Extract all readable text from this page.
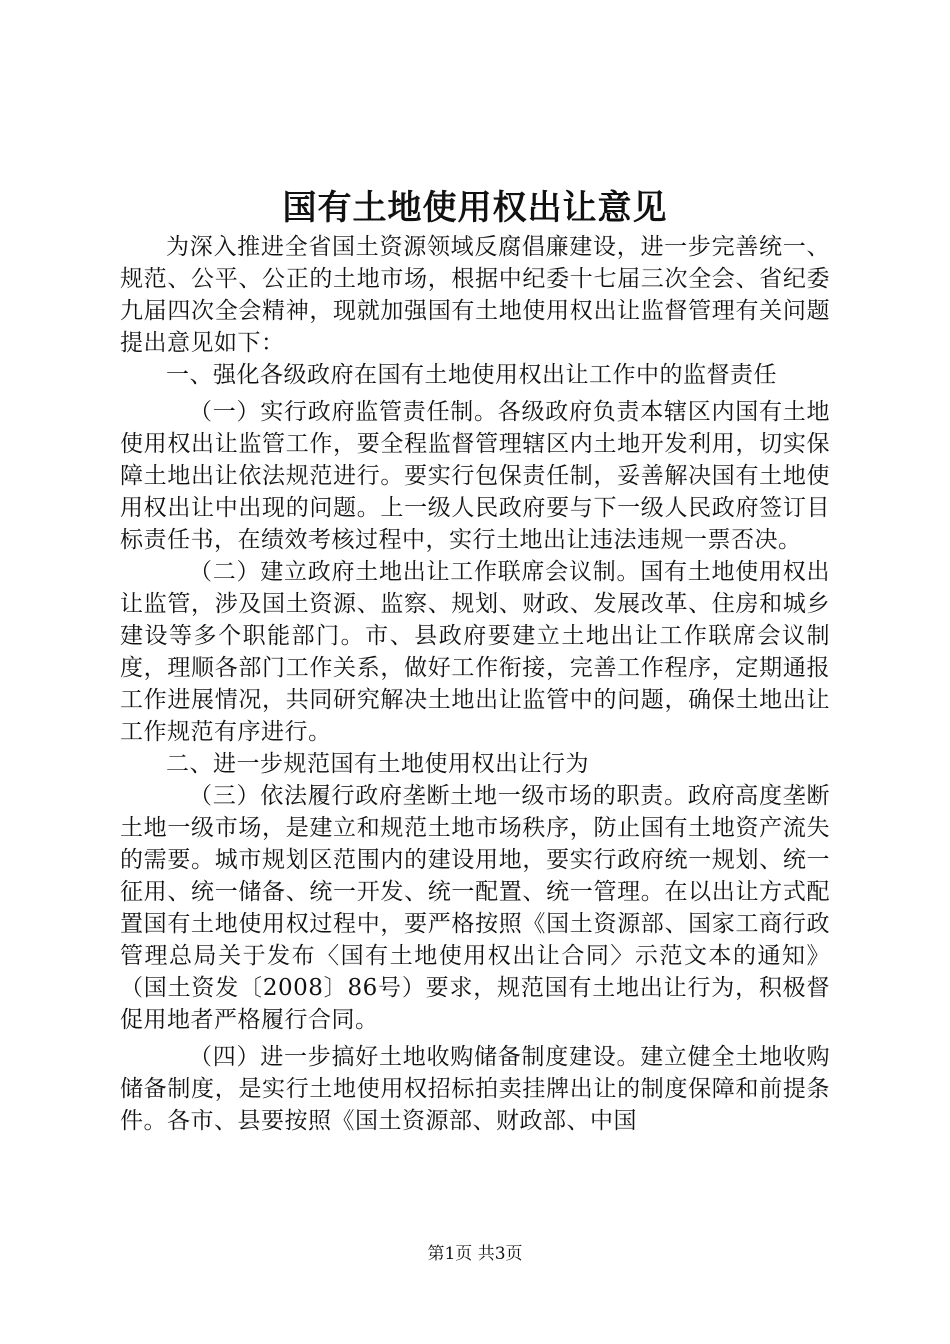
国有土地使用权出让意见

为深入推进全省国土资源领域反腐倡廉建设，进一步完善统一、规范、公平、公正的土地市场，根据中纪委十七届三次全会、省纪委九届四次全会精神，现就加强国有土地使用权出让监督管理有关问题提出意见如下：

一、强化各级政府在国有土地使用权出让工作中的监督责任

（一）实行政府监管责任制。各级政府负责本辖区内国有土地使用权出让监管工作，要全程监督管理辖区内土地开发利用，切实保障土地出让依法规范进行。要实行包保责任制，妥善解决国有土地使用权出让中出现的问题。上一级人民政府要与下一级人民政府签订目标责任书，在绩效考核过程中，实行土地出让违法违规一票否决。

（二）建立政府土地出让工作联席会议制。国有土地使用权出让监管，涉及国土资源、监察、规划、财政、发展改革、住房和城乡建设等多个职能部门。市、县政府要建立土地出让工作联席会议制度，理顺各部门工作关系，做好工作衔接，完善工作程序，定期通报工作进展情况，共同研究解决土地出让监管中的问题，确保土地出让工作规范有序进行。

二、进一步规范国有土地使用权出让行为

（三）依法履行政府垄断土地一级市场的职责。政府高度垄断土地一级市场，是建立和规范土地市场秩序，防止国有土地资产流失的需要。城市规划区范围内的建设用地，要实行政府统一规划、统一征用、统一储备、统一开发、统一配置、统一管理。在以出让方式配置国有土地使用权过程中，要严格按照《国土资源部、国家工商行政管理总局关于发布〈国有土地使用权出让合同〉示范文本的通知》（国土资发〔2008〕86号）要求，规范国有土地出让行为，积极督促用地者严格履行合同。

（四）进一步搞好土地收购储备制度建设。建立健全土地收购储备制度，是实行土地使用权招标拍卖挂牌出让的制度保障和前提条件。各市、县要按照《国土资源部、财政部、中国

第1页 共3页
